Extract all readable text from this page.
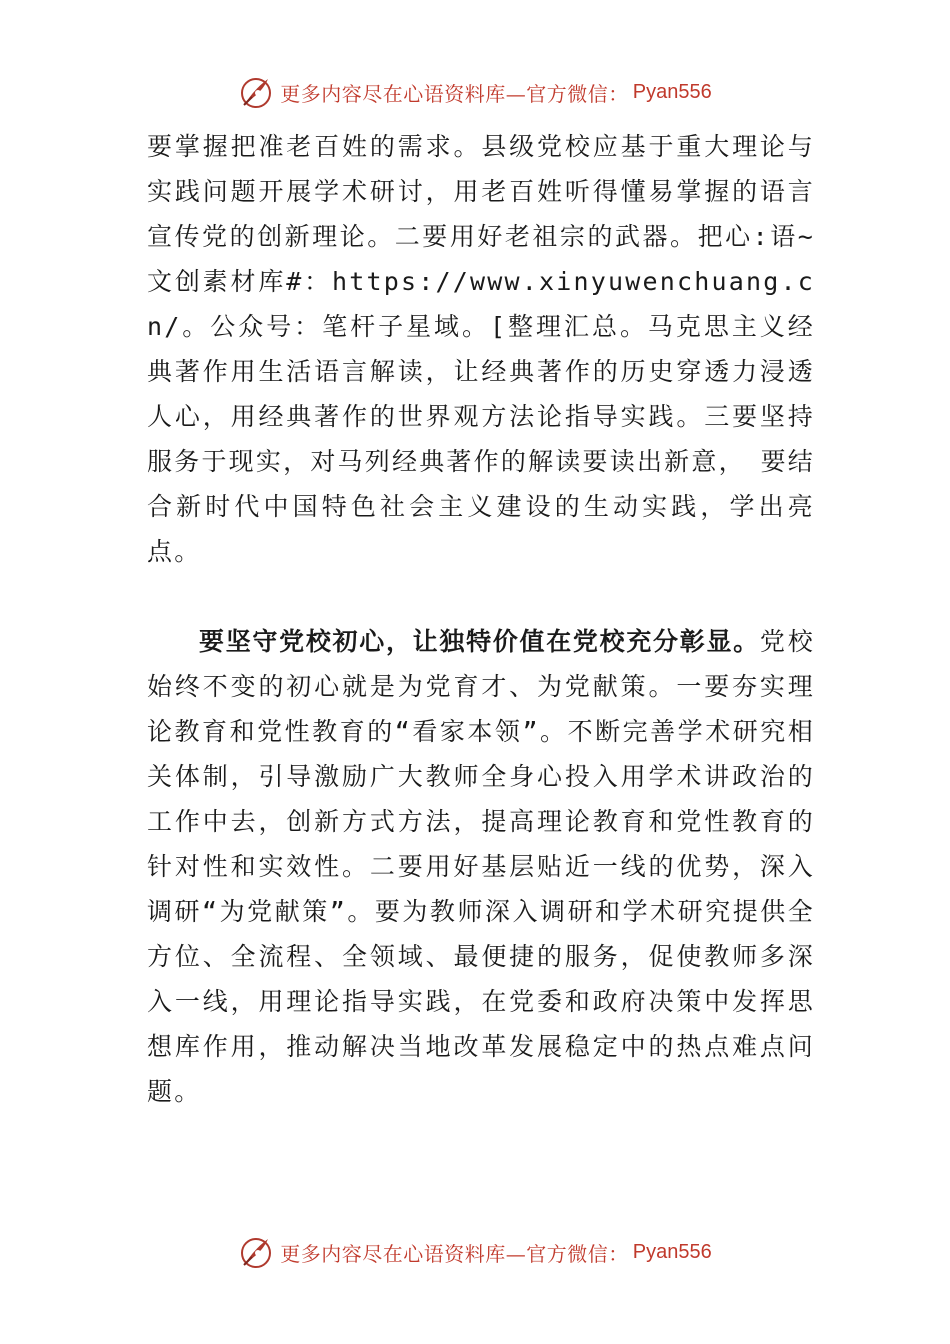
更多内容尽在心语资料库—官方微信： Pyan556

要掌握把准老百姓的需求。县级党校应基于重大理论与实践问题开展学术研讨，用老百姓听得懂易掌握的语言宣传党的创新理论。二要用好老祖宗的武器。把心:语~文创素材库#：https://www.xinyuwenchuang.cn/。公众号：笔杆子星域。[整理汇总。马克思主义经典著作用生活语言解读，让经典著作的历史穿透力浸透人心，用经典著作的世界观方法论指导实践。三要坚持服务于现实，对马列经典著作的解读要读出新意，　要结合新时代中国特色社会主义建设的生动实践，学出亮点。

要坚守党校初心，让独特价值在党校充分彰显。党校始终不变的初心就是为党育才、为党献策。一要夯实理论教育和党性教育的“看家本领”。不断完善学术研究相关体制，引导激励广大教师全身心投入用学术讲政治的工作中去，创新方式方法，提高理论教育和党性教育的针对性和实效性。二要用好基层贴近一线的优势，深入调研“为党献策”。要为教师深入调研和学术研究提供全方位、全流程、全领域、最便捷的服务，促使教师多深入一线，用理论指导实践，在党委和政府决策中发挥思想库作用，推动解决当地改革发展稳定中的热点难点问题。

更多内容尽在心语资料库—官方微信： Pyan556
